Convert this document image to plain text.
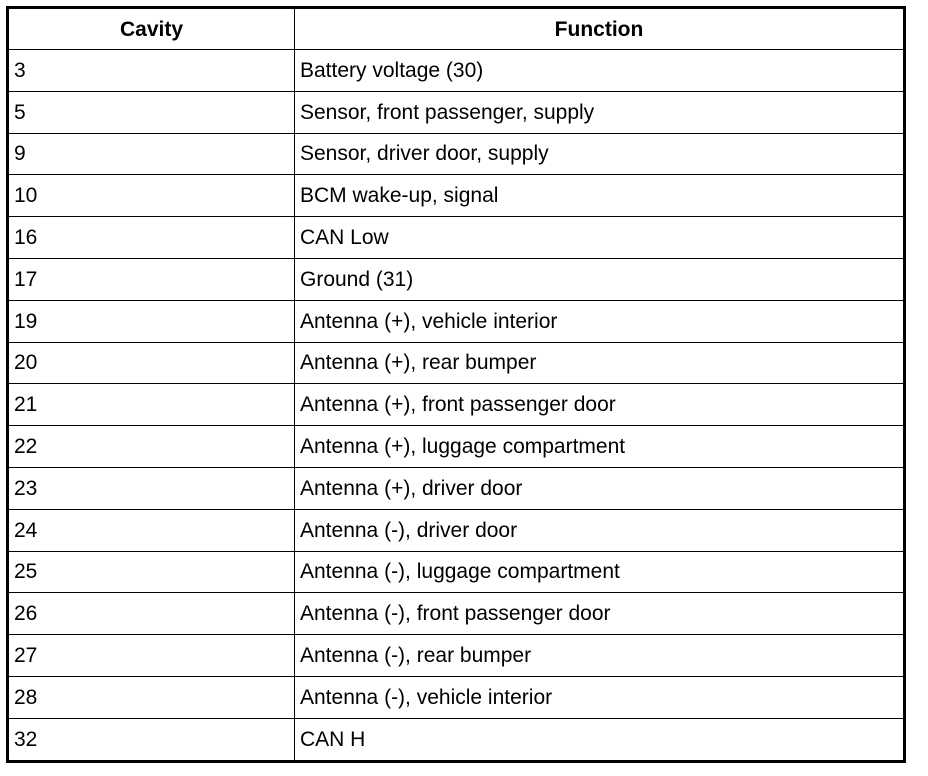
Cavity	Function
3	Battery voltage (30)
5	Sensor, front passenger, supply
9	Sensor, driver door, supply
10	BCM wake-up, signal
16	CAN Low
17	Ground (31)
19	Antenna (+), vehicle interior
20	Antenna (+), rear bumper
21	Antenna (+), front passenger door
22	Antenna (+), luggage compartment
23	Antenna (+), driver door
24	Antenna (-), driver door
25	Antenna (-), luggage compartment
26	Antenna (-), front passenger door
27	Antenna (-), rear bumper
28	Antenna (-), vehicle interior
32	CAN H
